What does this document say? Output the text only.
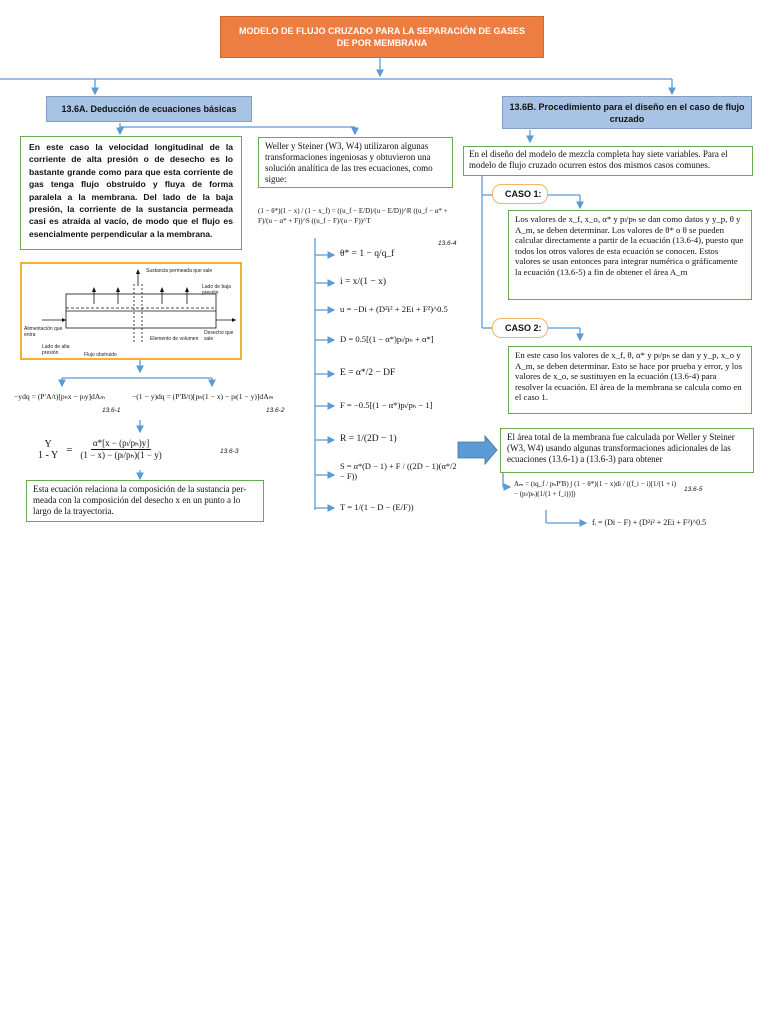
MODELO DE FLUJO CRUZADO PARA LA SEPARACIÓN DE GASES DE POR MEMBRANA
13.6A. Deducción de ecuaciones básicas
En este caso la velocidad longitudinal de la corriente de alta presión o de desecho es lo bastante grande como para que esta corriente de gas tenga flujo obstruido y fluya de forma paralela a la membrana. Del lado de la baja presión, la corriente de la sustancia permeada casi es atraída al vacío, de modo que el flujo es esencialmente perpendicular a la membrana.
Sustancia permeada que sale
Lado de baja presión
Alimentación que entra
Lado de alta presión	Flujo obstruido
Elemento de volumen
Desecho que sale
−ydq = (P′A/t)[pₕx − pₗy]dAₘ
13.6-1
−(1 − y)dq = (P′B/t)[pₕ(1 − x) − pₗ(1 − y)]dAₘ
13.6-2
Y
$1 - Y = \frac{\text{α*[x − (pₗ/pₕ)y]}}{\text{(1 − x) − (pₗ/pₕ)(1 − y)}}$	13.6-3
Esta ecuación relaciona la composición de la sustancia per-meada con la composición del desecho x en un punto a lo largo de la trayectoria.
Weller y Steiner (W3, W4) utilizaron algunas transformaciones ingeniosas y obtuvieron una solución analítica de las tres ecuaciones, como sigue:
(1 − θ*)(1 − x) / (1 − x_f) = ((u_f − E/D)/(u − E/D))^R ((u_f − α* + F)/(u − α* + F))^S ((u_f − F)/(u − F))^T
13.6-4
θ* = 1 − q/q_f
i = x/(1 − x)
u = −Di + (D²i² + 2Ei + F²)^0.5
D = 0.5[(1 − α*)pₗ/pₕ + α*]
E = α*/2 − DF
F = −0.5[(1 − α*)pₗ/pₕ − 1]
R = 1/(2D − 1)
S = α*(D − 1) + F / ((2D − 1)(α*/2 − F))
T = 1/(1 − D − (E/F))
13.6B. Procedimiento para el diseño en el caso de flujo cruzado
En el diseño del modelo de mezcla completa hay siete variables. Para el modelo de flujo cruzado ocurren estos dos mismos casos comunes.
CASO 1:
Los valores de x_f, x_o, α* y pₗ/pₕ se dan como datos y y_p, θ y A_m, se deben determinar. Los valores de θ* o θ se pueden calcular directamente a partir de la ecuación (13.6-4), puesto que todos los otros valores de esta ecuación se conocen. Estos valores se usan entonces para integrar numérica o gráficamente la ecuación (13.6-5) a fin de obtener el área A_m
CASO 2:
En este caso los valores de x_f, θ, α* y pₗ/pₕ se dan y y_p, x_o y A_m, se deben determinar. Esto se hace por prueba y error, y los valores de x_o, se sustituyen en la ecuación (13.6-4) para resolver la ecuación. El área de la membrana se calcula como en el caso 1.
El área total de la membrana fue calculada por Weller y Steiner (W3, W4) usando algunas transformaciones adicionales de las ecuaciones (13.6-1) a (13.6-3) para obtener
Aₘ = (tq_f / pₕP′B) ∫ (1 − θ*)(1 − x)di / ((f_i − i)[1/(1 + i) − (pₗ/pₕ)(1/(1 + f_i))])	13.6-5
fᵢ = (Di − F) + (D²i² + 2Ei + F²)^0.5
